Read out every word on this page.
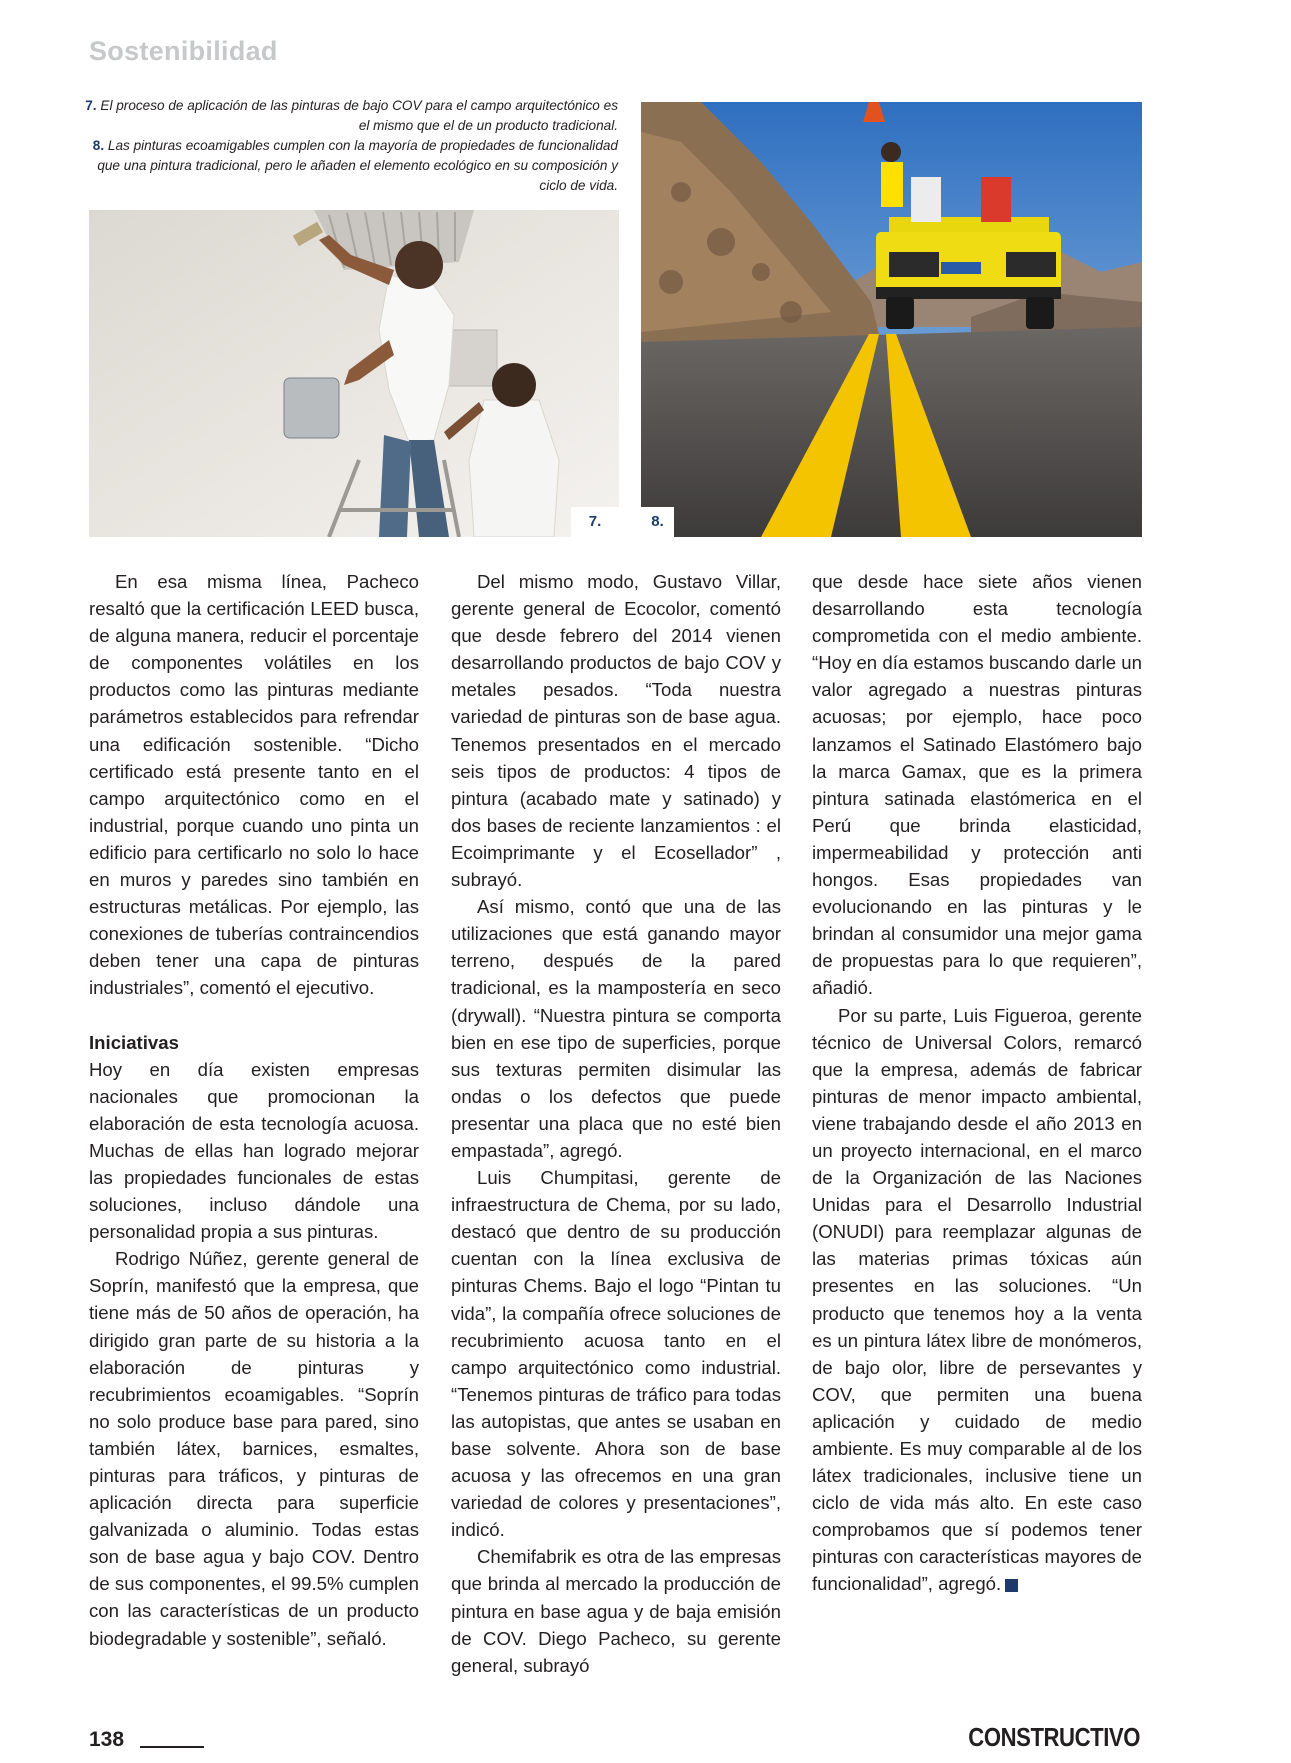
Sostenibilidad

7. El proceso de aplicación de las pinturas de bajo COV para el campo arquitectónico es el mismo que el de un producto tradicional.

8. Las pinturas ecoamigables cumplen con la mayoría de propiedades de funcionalidad que una pintura tradicional, pero le añaden el elemento ecológico en su composición y ciclo de vida.

7.	8.

En esa misma línea, Pacheco resaltó que la certificación LEED busca, de alguna manera, reducir el porcentaje de componentes volátiles en los productos como las pinturas mediante parámetros establecidos para refrendar una edificación sostenible. “Dicho certificado está presente tanto en el campo arquitectónico como en el industrial, porque cuando uno pinta un edificio para certificarlo no solo lo hace en muros y paredes sino también en estructuras metálicas. Por ejemplo, las conexiones de tuberías contraincendios deben tener una capa de pinturas industriales”, comentó el ejecutivo.

Iniciativas

Hoy en día existen empresas nacionales que promocionan la elaboración de esta tecnología acuosa. Muchas de ellas han logrado mejorar las propiedades funcionales de estas soluciones, incluso dándole una personalidad propia a sus pinturas.

Rodrigo Núñez, gerente general de Soprín, manifestó que la empresa, que tiene más de 50 años de operación, ha dirigido gran parte de su historia a la elaboración de pinturas y recubrimientos ecoamigables. “Soprín no solo produce base para pared, sino también látex, barnices, esmaltes, pinturas para tráficos, y pinturas de aplicación directa para superficie galvanizada o aluminio. Todas estas son de base agua y bajo COV. Dentro de sus componentes, el 99.5% cumplen con las características de un producto biodegradable y sostenible”, señaló.

Del mismo modo, Gustavo Villar, gerente general de Ecocolor, comentó que desde febrero del 2014 vienen desarrollando productos de bajo COV y metales pesados. “Toda nuestra variedad de pinturas son de base agua. Tenemos presentados en el mercado seis tipos de productos: 4 tipos de pintura (acabado mate y satinado) y dos bases de reciente lanzamientos : el Ecoimprimante y el Ecosellador” , subrayó.

Así mismo, contó que una de las utilizaciones que está ganando mayor terreno, después de la pared tradicional, es la mampostería en seco (drywall). “Nuestra pintura se comporta bien en ese tipo de superficies, porque sus texturas permiten disimular las ondas o los defectos que puede presentar una placa que no esté bien empastada”, agregó.

Luis Chumpitasi, gerente de infraestructura de Chema, por su lado, destacó que dentro de su producción cuentan con la línea exclusiva de pinturas Chems. Bajo el logo “Pintan tu vida”, la compañía ofrece soluciones de recubrimiento acuosa tanto en el campo arquitectónico como industrial. “Tenemos pinturas de tráfico para todas las autopistas, que antes se usaban en base solvente. Ahora son de base acuosa y las ofrecemos en una gran variedad de colores y presentaciones”, indicó.

Chemifabrik es otra de las empresas que brinda al mercado la producción de pintura en base agua y de baja emisión de COV. Diego Pacheco, su gerente general, subrayó

que desde hace siete años vienen desarrollando esta tecnología comprometida con el medio ambiente. “Hoy en día estamos buscando darle un valor agregado a nuestras pinturas acuosas; por ejemplo, hace poco lanzamos el Satinado Elastómero bajo la marca Gamax, que es la primera pintura satinada elastómerica en el Perú que brinda elasticidad, impermeabilidad y protección anti hongos. Esas propiedades van evolucionando en las pinturas y le brindan al consumidor una mejor gama de propuestas para lo que requieren”, añadió.

Por su parte, Luis Figueroa, gerente técnico de Universal Colors, remarcó que la empresa, además de fabricar pinturas de menor impacto ambiental, viene trabajando desde el año 2013 en un proyecto internacional, en el marco de la Organización de las Naciones Unidas para el Desarrollo Industrial (ONUDI) para reemplazar algunas de las materias primas tóxicas aún presentes en las soluciones. “Un producto que tenemos hoy a la venta es un pintura látex libre de monómeros, de bajo olor, libre de persevantes y COV, que permiten una buena aplicación y cuidado de medio ambiente. Es muy comparable al de los látex tradicionales, inclusive tiene un ciclo de vida más alto. En este caso comprobamos que sí podemos tener pinturas con características mayores de funcionalidad”, agregó.

138	CONSTRUCTIVO
